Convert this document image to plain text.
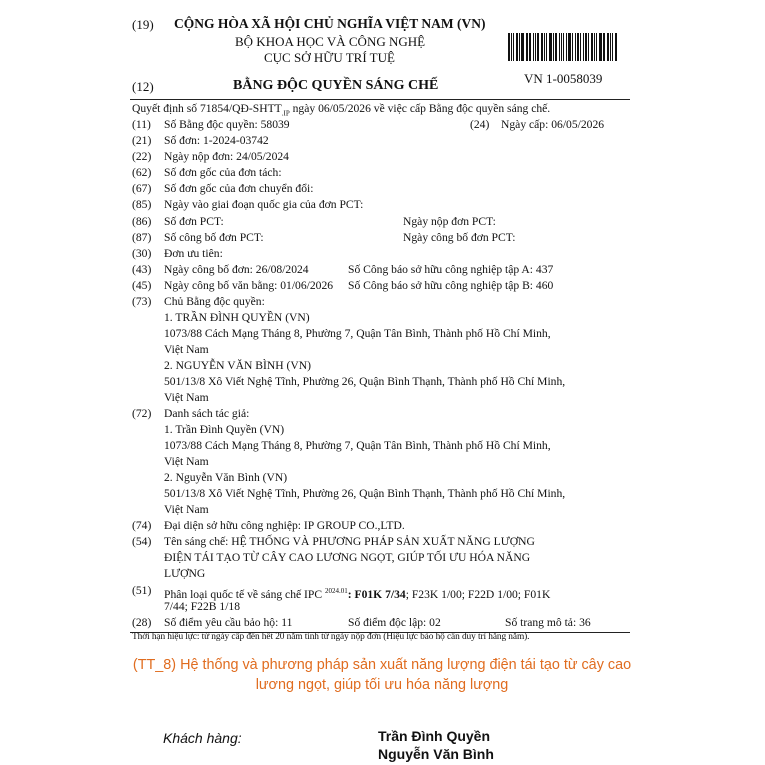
(19) CỘNG HÒA XÃ HỘI CHỦ NGHĨA VIỆT NAM (VN)
BỘ KHOA HỌC VÀ CÔNG NGHỆ
CỤC SỞ HỮU TRÍ TUỆ
(12)	BẰNG ĐỘC QUYỀN SÁNG CHẾ	VN 1-0058039
Quyết định số $71854/QĐ-SHTT_{.IP}$ ngày 06/05/2026 về việc cấp Bằng độc quyền sáng chế.
(11) Số Bằng độc quyền: 58039	(24) Ngày cấp: 06/05/2026
(21) Số đơn: 1-2024-03742
(22) Ngày nộp đơn: 24/05/2024
(62) Số đơn gốc của đơn tách:
(67) Số đơn gốc của đơn chuyển đổi:
(85) Ngày vào giai đoạn quốc gia của đơn PCT:
(86) Số đơn PCT:	Ngày nộp đơn PCT:
(87) Số công bố đơn PCT:	Ngày công bố đơn PCT:
(30) Đơn ưu tiên:
(43) Ngày công bố đơn: 26/08/2024	Số Công báo sở hữu công nghiệp tập A: 437
(45) Ngày công bố văn bằng: 01/06/2026 Số Công báo sở hữu công nghiệp tập B: 460
(73) Chủ Bằng độc quyền:
1. TRẦN ĐÌNH QUYỀN (VN)
1073/88 Cách Mạng Tháng 8, Phường 7, Quận Tân Bình, Thành phố Hồ Chí Minh,
Việt Nam
2. NGUYỄN VĂN BÌNH (VN)
501/13/8 Xô Viết Nghệ Tĩnh, Phường 26, Quận Bình Thạnh, Thành phố Hồ Chí Minh,
Việt Nam
(72) Danh sách tác giả:
1. Trần Đình Quyền (VN)
1073/88 Cách Mạng Tháng 8, Phường 7, Quận Tân Bình, Thành phố Hồ Chí Minh,
Việt Nam
2. Nguyễn Văn Bình (VN)
501/13/8 Xô Viết Nghệ Tĩnh, Phường 26, Quận Bình Thạnh, Thành phố Hồ Chí Minh,
Việt Nam
(74) Đại diện sở hữu công nghiệp: IP GROUP CO.,LTD.
(54) Tên sáng chế: HỆ THỐNG VÀ PHƯƠNG PHÁP SẢN XUẤT NĂNG LƯỢNG
ĐIỆN TÁI TẠO TỪ CÂY CAO LƯƠNG NGỌT, GIÚP TỐI ƯU HÓA NĂNG
LƯỢNG
(51) Phân loại quốc tế về sáng chế IPC $^{2024.01}$: F01K 7/34; F23K 1/00; F22D 1/00; F01K
7/44; F22B 1/18
(28) Số điểm yêu cầu bảo hộ: 11	Số điểm độc lập: 02	Số trang mô tả: 36
Thời hạn hiệu lực: từ ngày cấp đến hết 20 năm tính từ ngày nộp đơn (Hiệu lực bảo hộ cần duy trì hằng năm).
(TT_8) Hệ thống và phương pháp sản xuất năng lượng điện tái tạo từ cây cao
lương ngọt, giúp tối ưu hóa năng lượng
Khách hàng:	Trần Đình Quyền
Nguyễn Văn Bình
